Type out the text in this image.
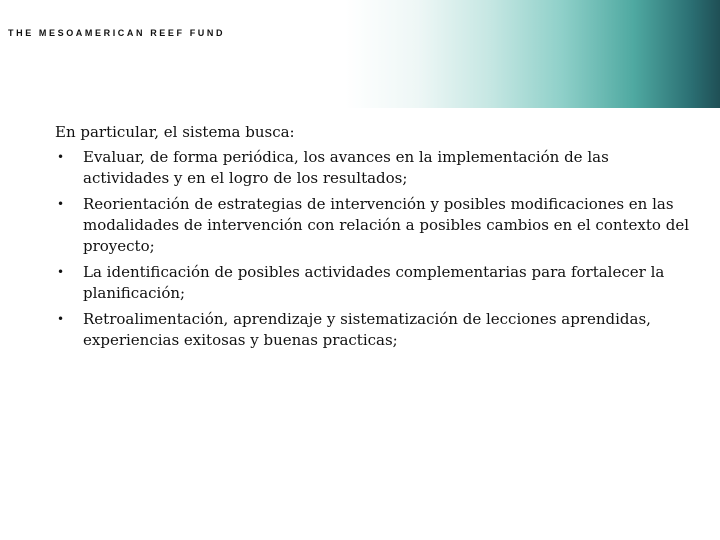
THE MESOAMERICAN REEF FUND

En particular, el sistema busca:

• Evaluar, de forma periódica, los avances en la implementación de las actividades y en el logro de los resultados;
• Reorientación de estrategias de intervención y posibles modificaciones en las modalidades de intervención con relación a posibles cambios en el contexto del proyecto;
• La identificación de posibles actividades complementarias para fortalecer la planificación;
• Retroalimentación, aprendizaje y sistematización de lecciones aprendidas, experiencias exitosas y buenas practicas;
